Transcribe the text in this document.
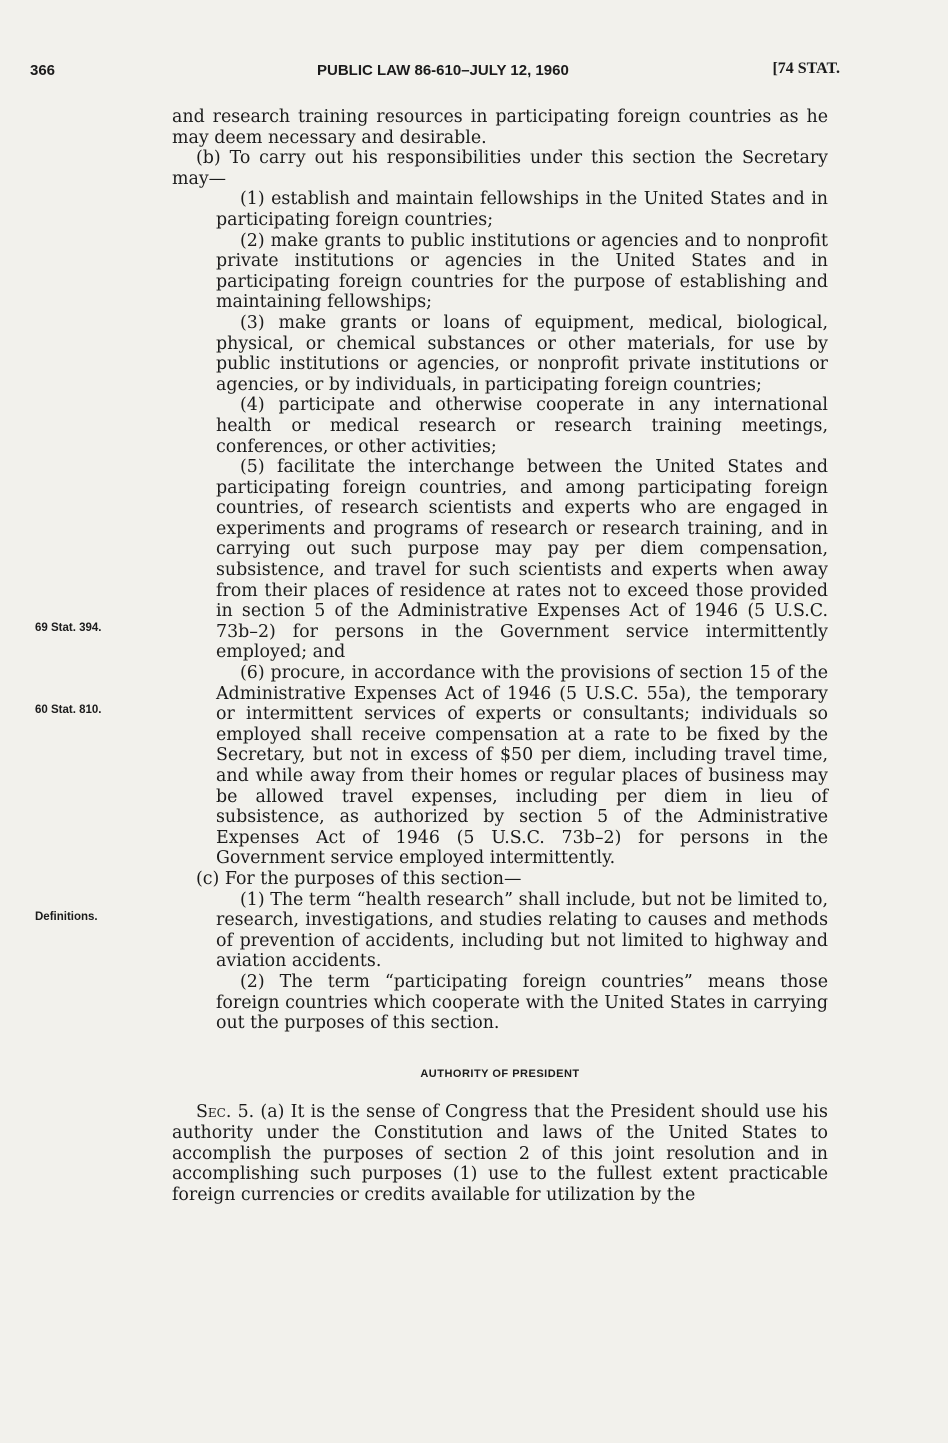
366	PUBLIC LAW 86-610–JULY 12, 1960	[74 STAT.
69 Stat. 394.
60 Stat. 810.
Definitions.

and research training resources in participating foreign countries as he may deem necessary and desirable.

(b) To carry out his responsibilities under this section the Secretary may—

(1) establish and maintain fellowships in the United States and in participating foreign countries;

(2) make grants to public institutions or agencies and to nonprofit private institutions or agencies in the United States and in participating foreign countries for the purpose of establishing and maintaining fellowships;

(3) make grants or loans of equipment, medical, biological, physical, or chemical substances or other materials, for use by public institutions or agencies, or nonprofit private institutions or agencies, or by individuals, in participating foreign countries;

(4) participate and otherwise cooperate in any international health or medical research or research training meetings, conferences, or other activities;

(5) facilitate the interchange between the United States and participating foreign countries, and among participating foreign countries, of research scientists and experts who are engaged in experiments and programs of research or research training, and in carrying out such purpose may pay per diem compensation, subsistence, and travel for such scientists and experts when away from their places of residence at rates not to exceed those provided in section 5 of the Administrative Expenses Act of 1946 (5 U.S.C. 73b–2) for persons in the Government service intermittently employed; and

(6) procure, in accordance with the provisions of section 15 of the Administrative Expenses Act of 1946 (5 U.S.C. 55a), the temporary or intermittent services of experts or consultants; individuals so employed shall receive compensation at a rate to be fixed by the Secretary, but not in excess of $50 per diem, including travel time, and while away from their homes or regular places of business may be allowed travel expenses, including per diem in lieu of subsistence, as authorized by section 5 of the Administrative Expenses Act of 1946 (5 U.S.C. 73b–2) for persons in the Government service employed intermittently.

(c) For the purposes of this section—

(1) The term “health research” shall include, but not be limited to, research, investigations, and studies relating to causes and methods of prevention of accidents, including but not limited to highway and aviation accidents.

(2) The term “participating foreign countries” means those foreign countries which cooperate with the United States in carrying out the purposes of this section.

AUTHORITY OF PRESIDENT

Sec. 5. (a) It is the sense of Congress that the President should use his authority under the Constitution and laws of the United States to accomplish the purposes of section 2 of this joint resolution and in accomplishing such purposes (1) use to the fullest extent practicable foreign currencies or credits available for utilization by the
